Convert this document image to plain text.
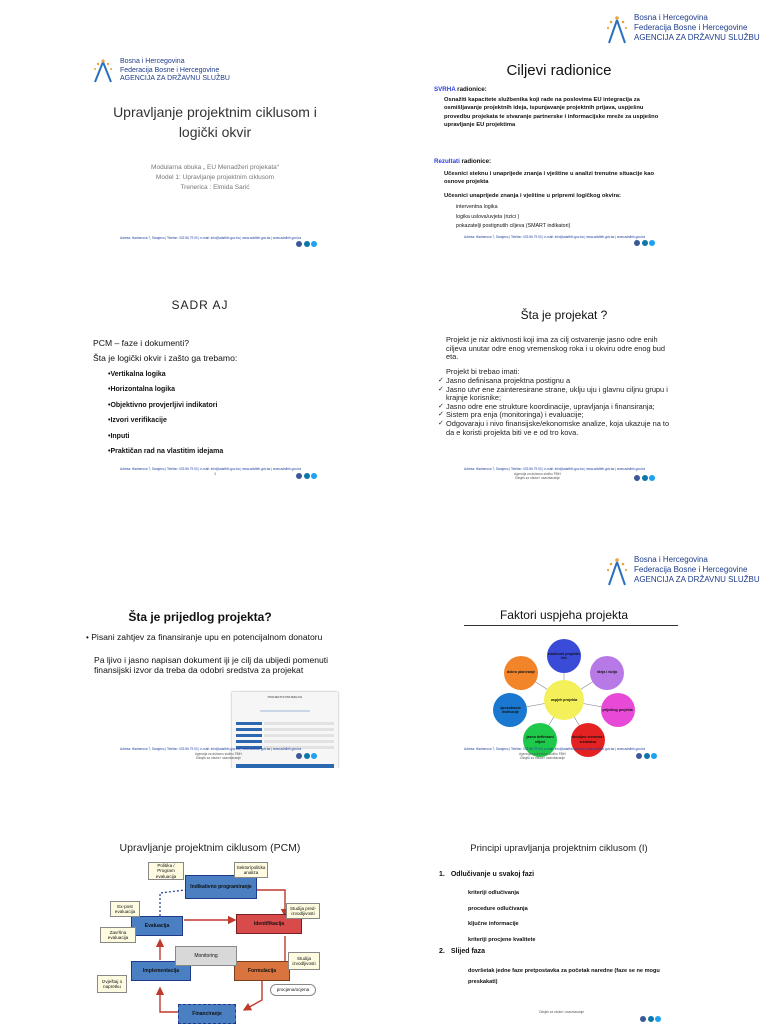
Bosna i Hercegovina
Federacija Bosne i Hercegovine
AGENCIJA ZA DRŽAVNU SLUŽBU
Upravljanje projektnim ciklusom i logički okvir
Modularna obuka „ EU Menadžeri projekata“
Model 1: Upravljanje projektnim ciklusom
Trenerica : Elmida Sarić
Adresa: Hadnerova 7, Sarajevo | Telefon: 033 56 79 00 | e-mail: info@adsfbih.gov.ba | www.adsfbih.gov.ba | www.adsfbih.gov.ba
Bosna i Hercegovina
Federacija Bosne i Hercegovine
AGENCIJA ZA DRŽAVNU SLUŽBU
Ciljevi radionice
SVRHA radionice:
Osnažiti kapacitete službenika koji rade na poslovima EU integracija za osmišljavanje projektnih ideja, ispunjavanje projektnih prijava, uspješnu provedbu projekata te stvaranje partnerske i informacijske mreže za uspješno upravljanje EU projektima
Rezultati radionice:
Učesnici steknu i unaprijede znanja i vještine u analizi trenutne situacije kao osnove projekta
Učesnici unaprijede znanja i vještine u pripremi logičkog okvira:
interventna logika
logika uslova/uvjeta (rizici )
pokazatelji postignutih ciljeva (SMART indikatori)
Adresa: Hadnerova 7, Sarajevo | Telefon: 033 56 79 00 | e-mail: info@adsfbih.gov.ba | www.adsfbih.gov.ba | www.adsfbih.gov.ba
SADR AJ
PCM – faze i dokumenti?
Šta je logički okvir i zašto ga trebamo:
•Vertikalna logika
•Horizontalna logika
•Objektivno provjerljivi indikatori
•Izvori verifikacije
•Inputi
•Praktičan rad na vlastitim idejama
Adresa: Hadnerova 7, Sarajevo | Telefon: 033 56 79 00 | e-mail: info@adsfbih.gov.ba | www.adsfbih.gov.ba | www.adsfbih.gov.ba
3
Šta je projekat ?
Projekt je niz aktivnosti koji ima za cilj ostvarenje jasno odre enih ciljeva unutar odre enog vremenskog roka i u okviru odre enog bud eta.
Projekt bi trebao imati:
✓ Jasno definisana projektna postignu a
✓ Jasno utvr ene zainteresirane strane, uklju uju i glavnu ciljnu grupu i krajnje korisnike;
✓ Jasno odre ene strukture koordinacije, upravljanja i finansiranja;
✓ Sistem pra enja (monitoringa) i evaluacije;
✓ Odgovaraju i nivo finansijske/ekonomske analize, koja ukazuje na to da e koristi projekta biti ve e od tro kova.
Adresa: Hadnerova 7, Sarajevo | Telefon: 033 56 79 00 | e-mail: info@adsfbih.gov.ba | www.adsfbih.gov.ba | www.adsfbih.gov.ba
Agencija za državnu službu FBiH
Odsjek za obuke i usavršavanje
Šta je prijedlog projekta?
• Pisani zahtjev za finansiranje upu en potencijalnom donatoru
Pa ljivo i jasno napisan dokument iji je cilj da ubijedi pomenuti finansijski izvor da treba da odobri sredstva za projekat
PROJEKTNI PRIJEDLOG
Adresa: Hadnerova 7, Sarajevo | Telefon: 033 56 79 00 | e-mail: info@adsfbih.gov.ba | www.adsfbih.gov.ba | www.adsfbih.gov.ba
Agencija za državnu službu FBiH
Odsjek za obuke i usavršavanje
Bosna i Hercegovina
Federacija Bosne i Hercegovine
AGENCIJA ZA DRŽAVNU SLUŽBU
Faktori uspjeha projekta
strukturni projektni tim
ideja i vizija
prijedlog projekta
dovoljno vremena i sredstava
jasno definisani ciljevi
sposobnost institucije
dobro planiranje
uspjeh projekta
Adresa: Hadnerova 7, Sarajevo | Telefon: 033 56 79 00 | e-mail: info@adsfbih.gov.ba | www.adsfbih.gov.ba | www.adsfbih.gov.ba
Agencija za državnu službu FBiH
Odsjek za obuke i usavršavanje
Upravljanje projektnim ciklusom (PCM)
Indikativno programiranje
Identifikacija
Formulacija
Financiranje
Implementacija
Evaluacija
Monitoring
Politika / Program evaluacija
Sektor/politika analiza
Ex-post evaluacija
Završna evaluacija
Studija pred-izvodljivosti
Studija izvodljivosti
Izvještaj o napretku
procjena/ocjena
Principi upravljanja projektnim ciklusom (I)
1. Odlučivanje u svakoj fazi
kriteriji odlučivanja
procedure odlučivanja
ključne informacije
kriteriji procjene kvalitete
2. Slijed faza
dovršetak jedne faze pretpostavka za početak naredne (faze se ne mogu preskakati)
Odsjek za obuke i usavršavanje
